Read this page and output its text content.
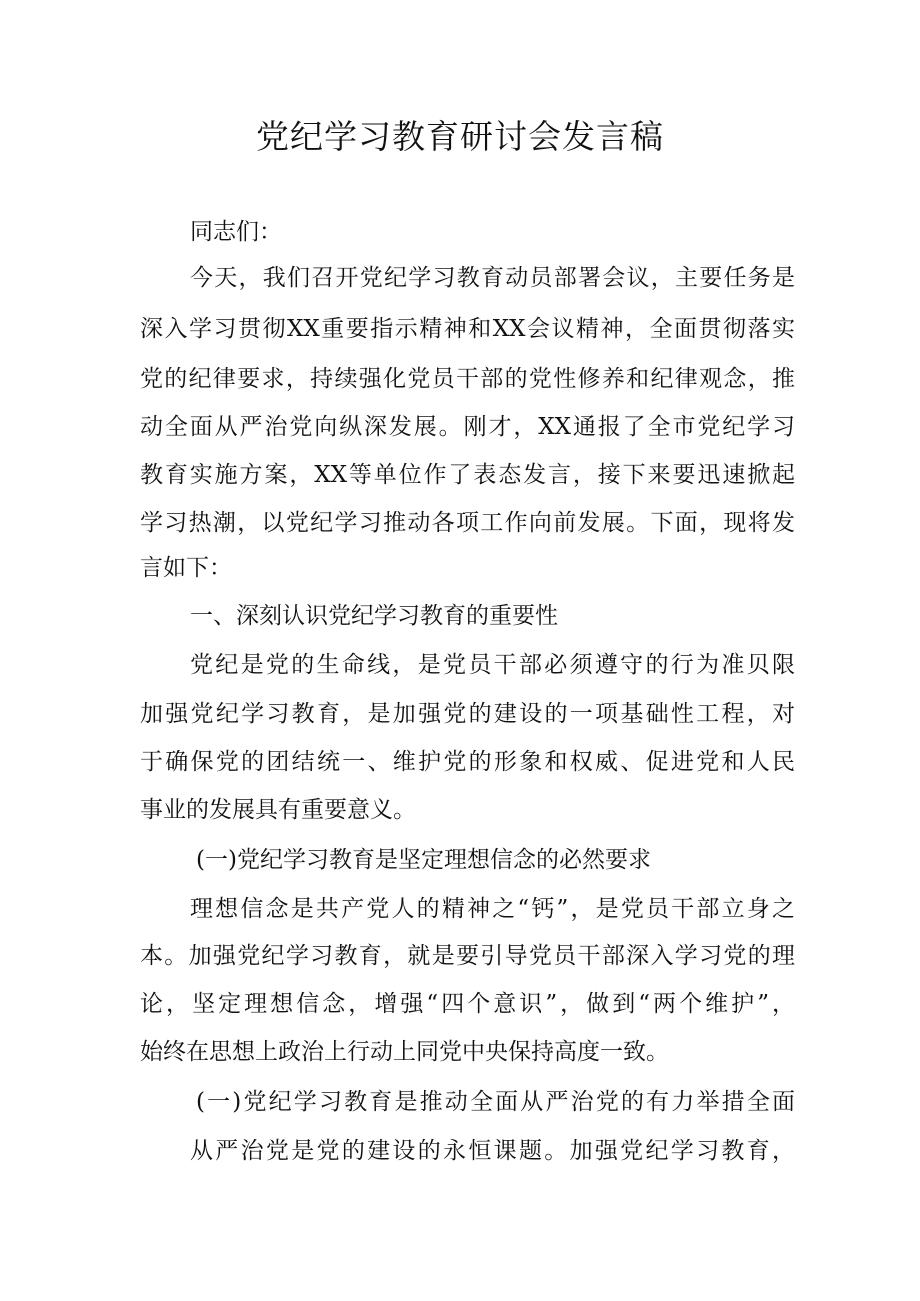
党纪学习教育研讨会发言稿
同志们：
今天，我们召开党纪学习教育动员部署会议，主要任务是
深入学习贯彻XX重要指示精神和XX会议精神，全面贯彻落实
党的纪律要求，持续强化党员干部的党性修养和纪律观念，推
动全面从严治党向纵深发展。刚才，XX通报了全市党纪学习
教育实施方案，XX等单位作了表态发言，接下来要迅速掀起
学习热潮，以党纪学习推动各项工作向前发展。下面，现将发
言如下：
一、深刻认识党纪学习教育的重要性
党纪是党的生命线，是党员干部必须遵守的行为准贝限
加强党纪学习教育，是加强党的建设的一项基础性工程，对
于确保党的团结统一、维护党的形象和权威、促进党和人民
事业的发展具有重要意义。
(一)党纪学习教育是坚定理想信念的必然要求
理想信念是共产党人的精神之“钙”，是党员干部立身之
本。加强党纪学习教育，就是要引导党员干部深入学习党的理
论，坚定理想信念，增强“四个意识”，做到“两个维护”，
始终在思想上政治上行动上同党中央保持高度一致。
(一)党纪学习教育是推动全面从严治党的有力举措全面
从严治党是党的建设的永恒课题。加强党纪学习教育，
